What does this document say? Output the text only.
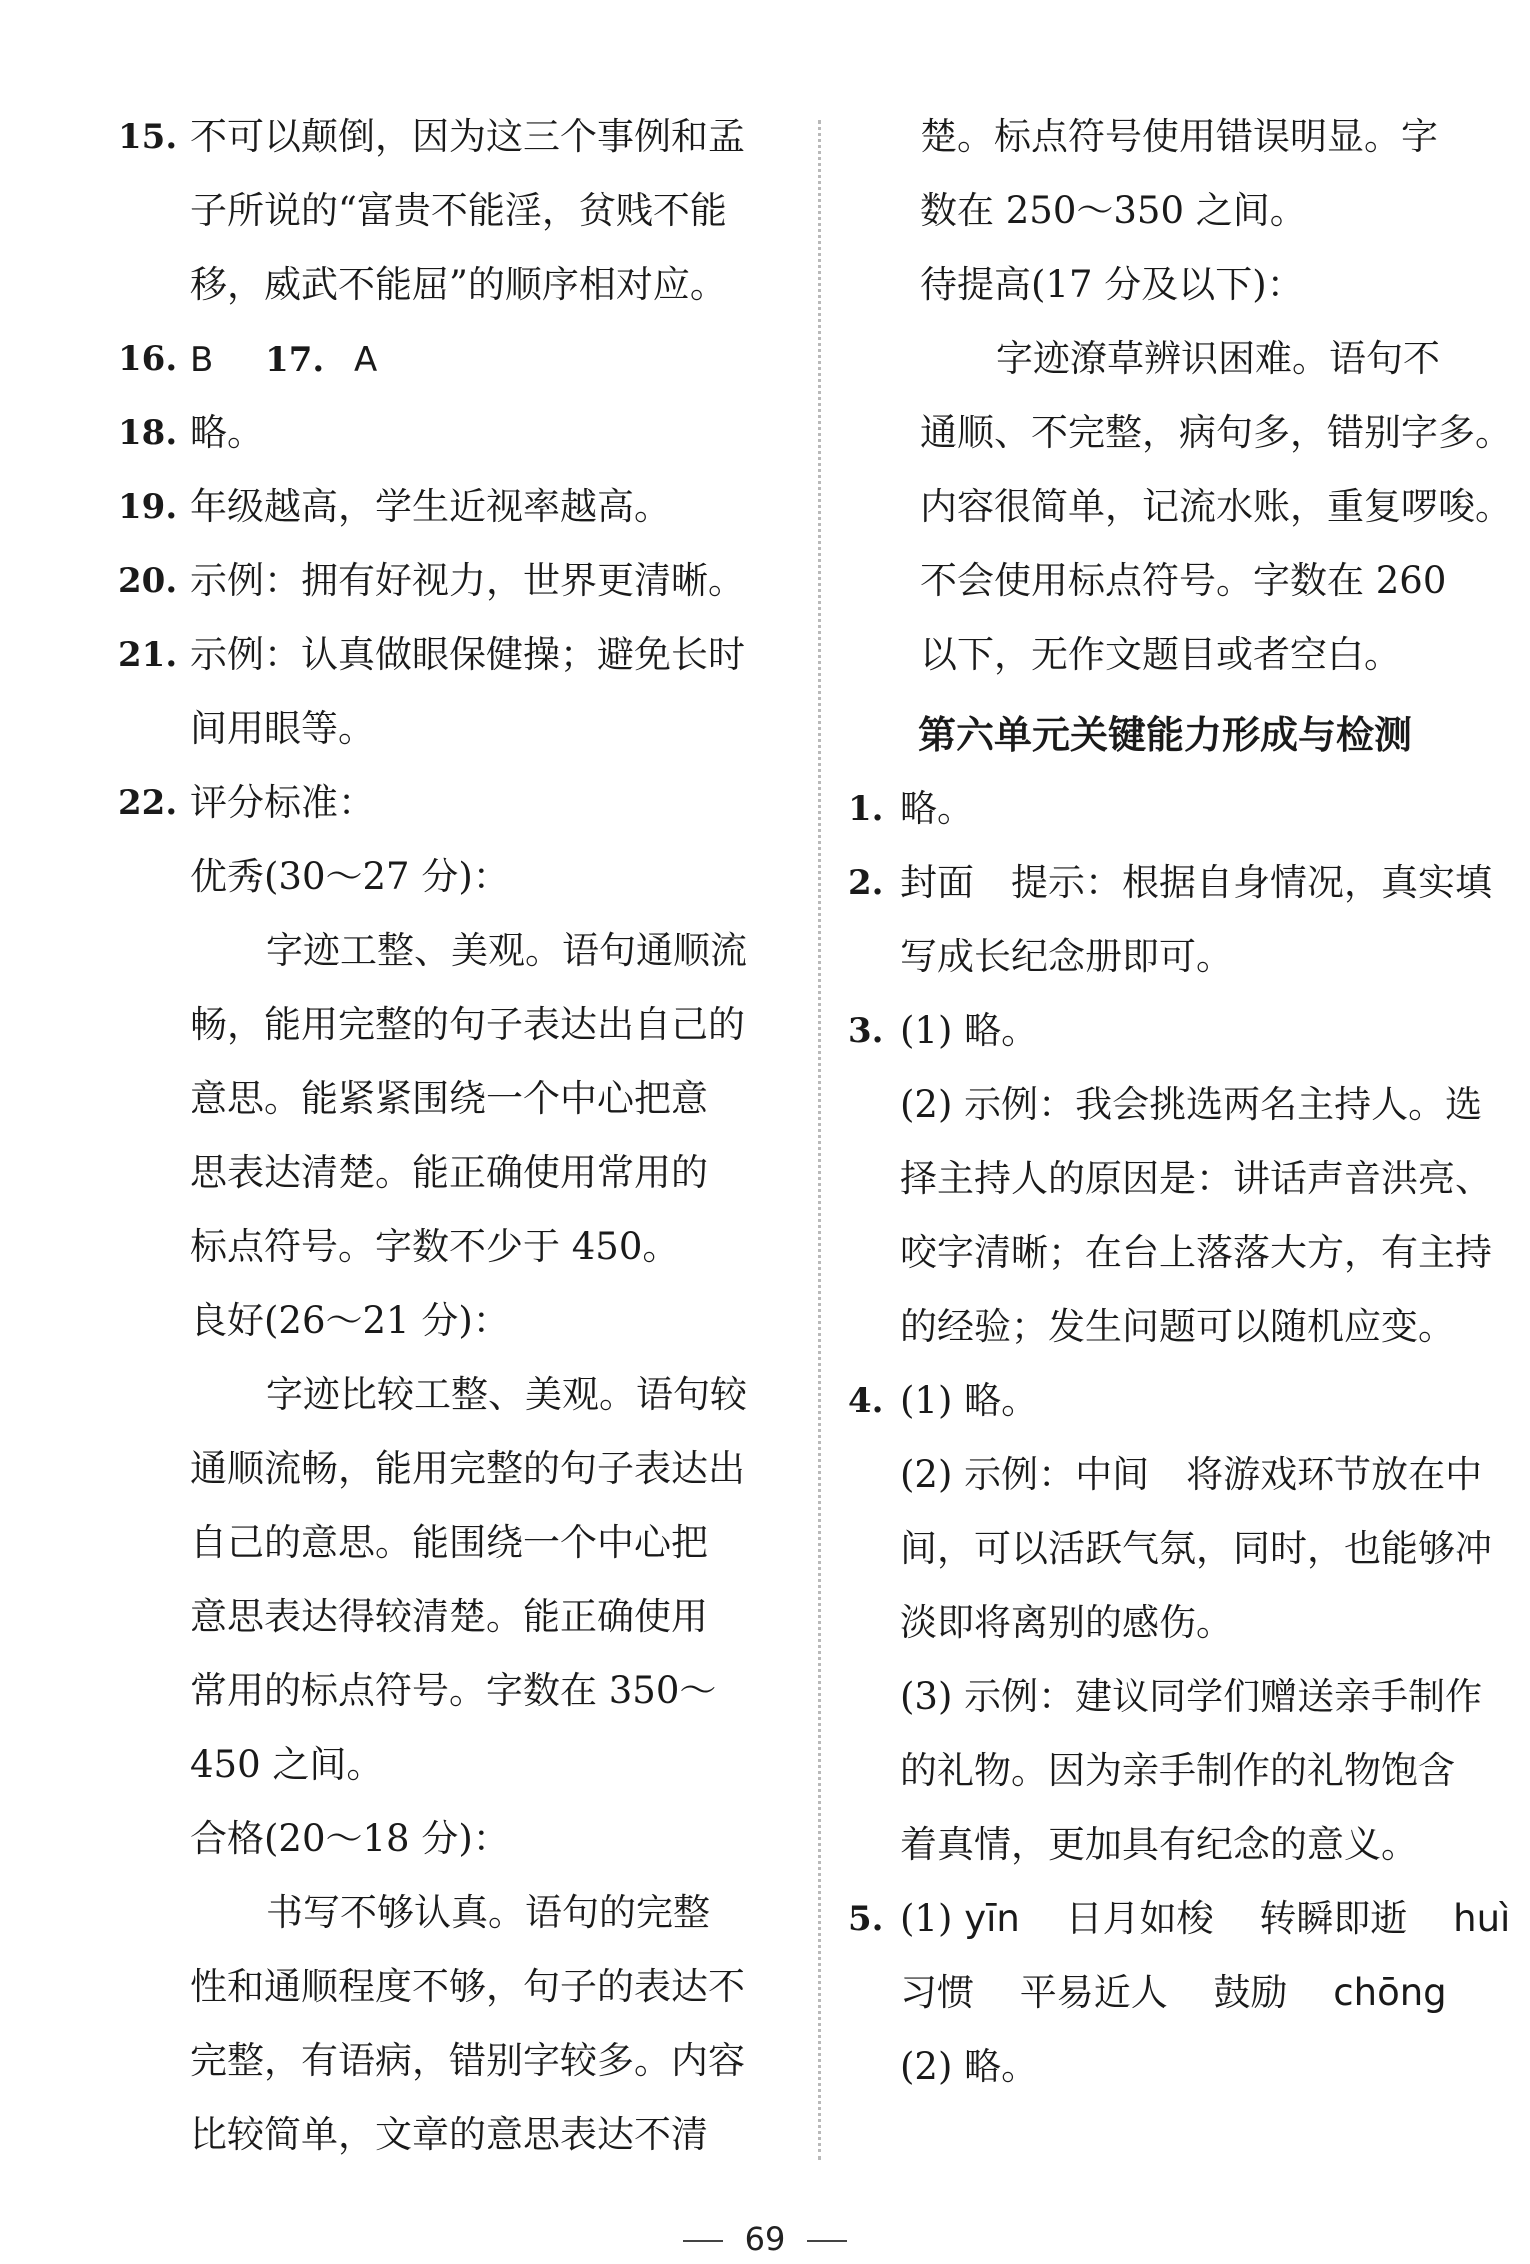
15. 不可以颠倒，因为这三个事例和孟
子所说的“富贵不能淫，贫贱不能
移，威武不能屈”的顺序相对应。
16. B 17. A
18. 略。
19. 年级越高，学生近视率越高。
20. 示例：拥有好视力，世界更清晰。
21. 示例：认真做眼保健操；避免长时
间用眼等。
22. 评分标准：
优秀(30～27 分)：
字迹工整、美观。语句通顺流
畅，能用完整的句子表达出自己的
意思。能紧紧围绕一个中心把意
思表达清楚。能正确使用常用的
标点符号。字数不少于 450。
良好(26～21 分)：
字迹比较工整、美观。语句较
通顺流畅，能用完整的句子表达出
自己的意思。能围绕一个中心把
意思表达得较清楚。能正确使用
常用的标点符号。字数在 350～
450 之间。
合格(20～18 分)：
书写不够认真。语句的完整
性和通顺程度不够，句子的表达不
完整，有语病，错别字较多。内容
比较简单，文章的意思表达不清
楚。标点符号使用错误明显。字
数在 250～350 之间。
待提高(17 分及以下)：
字迹潦草辨识困难。语句不
通顺、不完整，病句多，错别字多。
内容很简单，记流水账，重复啰唆。
不会使用标点符号。字数在 260
以下，无作文题目或者空白。
第六单元关键能力形成与检测
1. 略。
2. 封面　提示：根据自身情况，真实填
写成长纪念册即可。
3. (1) 略。
(2) 示例：我会挑选两名主持人。选
择主持人的原因是：讲话声音洪亮、
咬字清晰；在台上落落大方，有主持
的经验；发生问题可以随机应变。
4. (1) 略。
(2) 示例：中间　将游戏环节放在中
间，可以活跃气氛，同时，也能够冲
淡即将离别的感伤。
(3) 示例：建议同学们赠送亲手制作
的礼物。因为亲手制作的礼物饱含
着真情，更加具有纪念的意义。
5. (1) yīn 日月如梭 转瞬即逝 huì
习惯 平易近人 鼓励 chōng
(2) 略。
69
